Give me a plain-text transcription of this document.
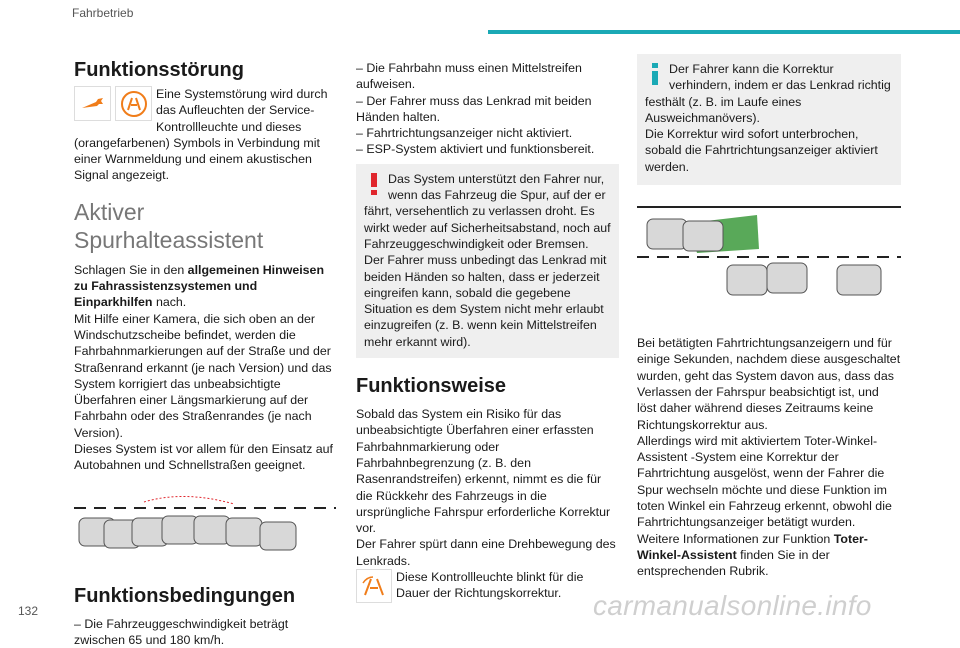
Fahrbetrieb
Funktionsstörung

Eine Systemstörung wird durch das Aufleuchten der Service-Kontrollleuchte und dieses (orangefarbenen) Symbols in Verbindung mit einer Warnmeldung und einem akustischen Signal angezeigt.

Aktiver Spurhalteassistent

Schlagen Sie in den allgemeinen Hinweisen zu Fahrassistenzsystemen und Einparkhilfen nach.

Mit Hilfe einer Kamera, die sich oben an der Windschutzscheibe befindet, werden die Fahrbahnmarkierungen auf der Straße und der Straßenrand erkannt (je nach Version) und das System korrigiert das unbeabsichtigte Überfahren einer Längsmarkierung auf der Fahrbahn oder des Straßenrandes (je nach Version).

Dieses System ist vor allem für den Einsatz auf Autobahnen und Schnellstraßen geeignet.

Funktionsbedingungen

– Die Fahrzeuggeschwindigkeit beträgt zwischen 65 und 180 km/h.

– Die Fahrbahn muss einen Mittelstreifen aufweisen.

– Der Fahrer muss das Lenkrad mit beiden Händen halten.

– Fahrtrichtungsanzeiger nicht aktiviert.

– ESP-System aktiviert und funktionsbereit.

Das System unterstützt den Fahrer nur, wenn das Fahrzeug die Spur, auf der er fährt, versehentlich zu verlassen droht. Es wirkt weder auf Sicherheitsabstand, noch auf Fahrzeuggeschwindigkeit oder Bremsen.

Der Fahrer muss unbedingt das Lenkrad mit beiden Händen so halten, dass er jederzeit eingreifen kann, sobald die gegebene Situation es dem System nicht mehr erlaubt einzugreifen (z. B. wenn kein Mittelstreifen mehr erkannt wird).

Funktionsweise

Sobald das System ein Risiko für das unbeabsichtigte Überfahren einer erfassten Fahrbahnmarkierung oder Fahrbahnbegrenzung (z. B. den Rasenrandstreifen) erkennt, nimmt es die für die Rückkehr des Fahrzeugs in die ursprüngliche Fahrspur erforderliche Korrektur vor.

Der Fahrer spürt dann eine Drehbewegung des Lenkrads.

Diese Kontrollleuchte blinkt für die Dauer der Richtungskorrektur.

Der Fahrer kann die Korrektur verhindern, indem er das Lenkrad richtig festhält (z. B. im Laufe eines Ausweichmanövers).

Die Korrektur wird sofort unterbrochen, sobald die Fahrtrichtungsanzeiger aktiviert werden.

Bei betätigten Fahrtrichtungsanzeigern und für einige Sekunden, nachdem diese ausgeschaltet wurden, geht das System davon aus, dass das Verlassen der Fahrspur beabsichtigt ist, und löst daher während dieses Zeitraums keine Richtungskorrektur aus.

Allerdings wird mit aktiviertem Toter-Winkel-Assistent -System eine Korrektur der Fahrtrichtung ausgelöst, wenn der Fahrer die Spur wechseln möchte und diese Funktion im toten Winkel ein Fahrzeug erkennt, obwohl die Fahrtrichtungsanzeiger betätigt wurden.

Weitere Informationen zur Funktion Toter-Winkel-Assistent finden Sie in der entsprechenden Rubrik.

132	carmanualsonline.info
